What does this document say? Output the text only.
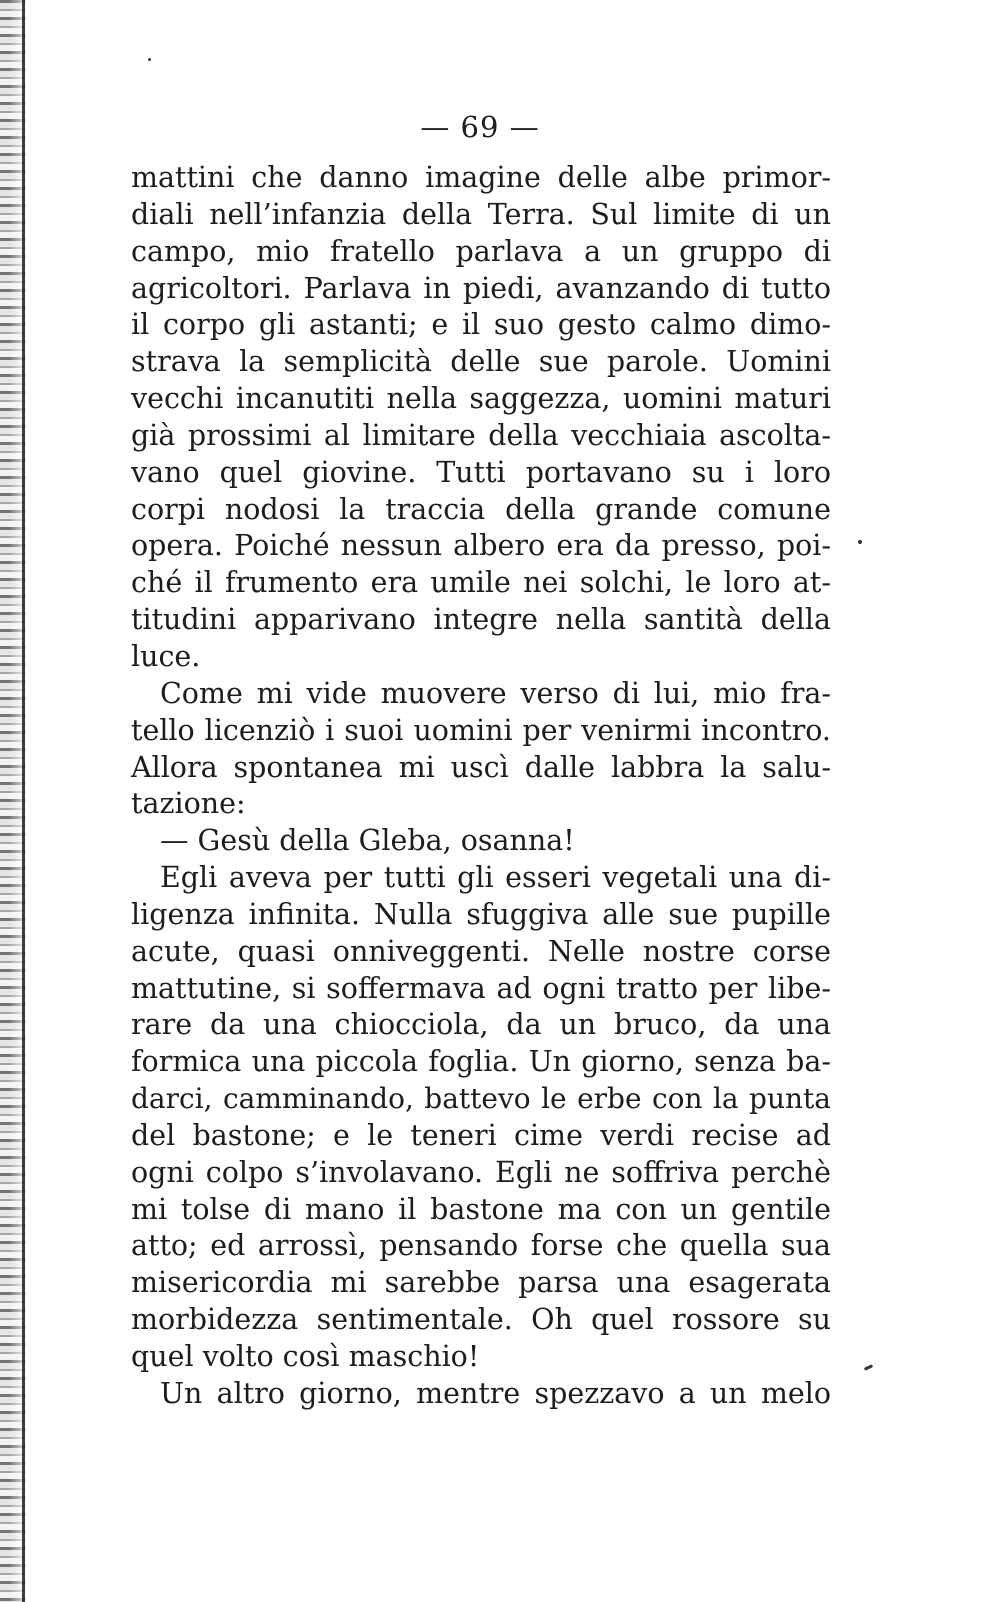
— 69 —
mattini che danno imagine delle albe primor-
diali nell’infanzia della Terra. Sul limite di un
campo, mio fratello parlava a un gruppo di
agricoltori. Parlava in piedi, avanzando di tutto
il corpo gli astanti; e il suo gesto calmo dimo-
strava la semplicità delle sue parole. Uomini
vecchi incanutiti nella saggezza, uomini maturi
già prossimi al limitare della vecchiaia ascolta-
vano quel giovine. Tutti portavano su i loro
corpi nodosi la traccia della grande comune
opera. Poiché nessun albero era da presso, poi-
ché il frumento era umile nei solchi, le loro at-
titudini apparivano integre nella santità della
luce.
Come mi vide muovere verso di lui, mio fra-
tello licenziò i suoi uomini per venirmi incontro.
Allora spontanea mi uscì dalle labbra la salu-
tazione:
— Gesù della Gleba, osanna!
Egli aveva per tutti gli esseri vegetali una di-
ligenza infinita. Nulla sfuggiva alle sue pupille
acute, quasi onniveggenti. Nelle nostre corse
mattutine, si soffermava ad ogni tratto per libe-
rare da una chiocciola, da un bruco, da una
formica una piccola foglia. Un giorno, senza ba-
darci, camminando, battevo le erbe con la punta
del bastone; e le teneri cime verdi recise ad
ogni colpo s’involavano. Egli ne soffriva perchè
mi tolse di mano il bastone ma con un gentile
atto; ed arrossì, pensando forse che quella sua
misericordia mi sarebbe parsa una esagerata
morbidezza sentimentale. Oh quel rossore su
quel volto così maschio!
Un altro giorno, mentre spezzavo a un melo
